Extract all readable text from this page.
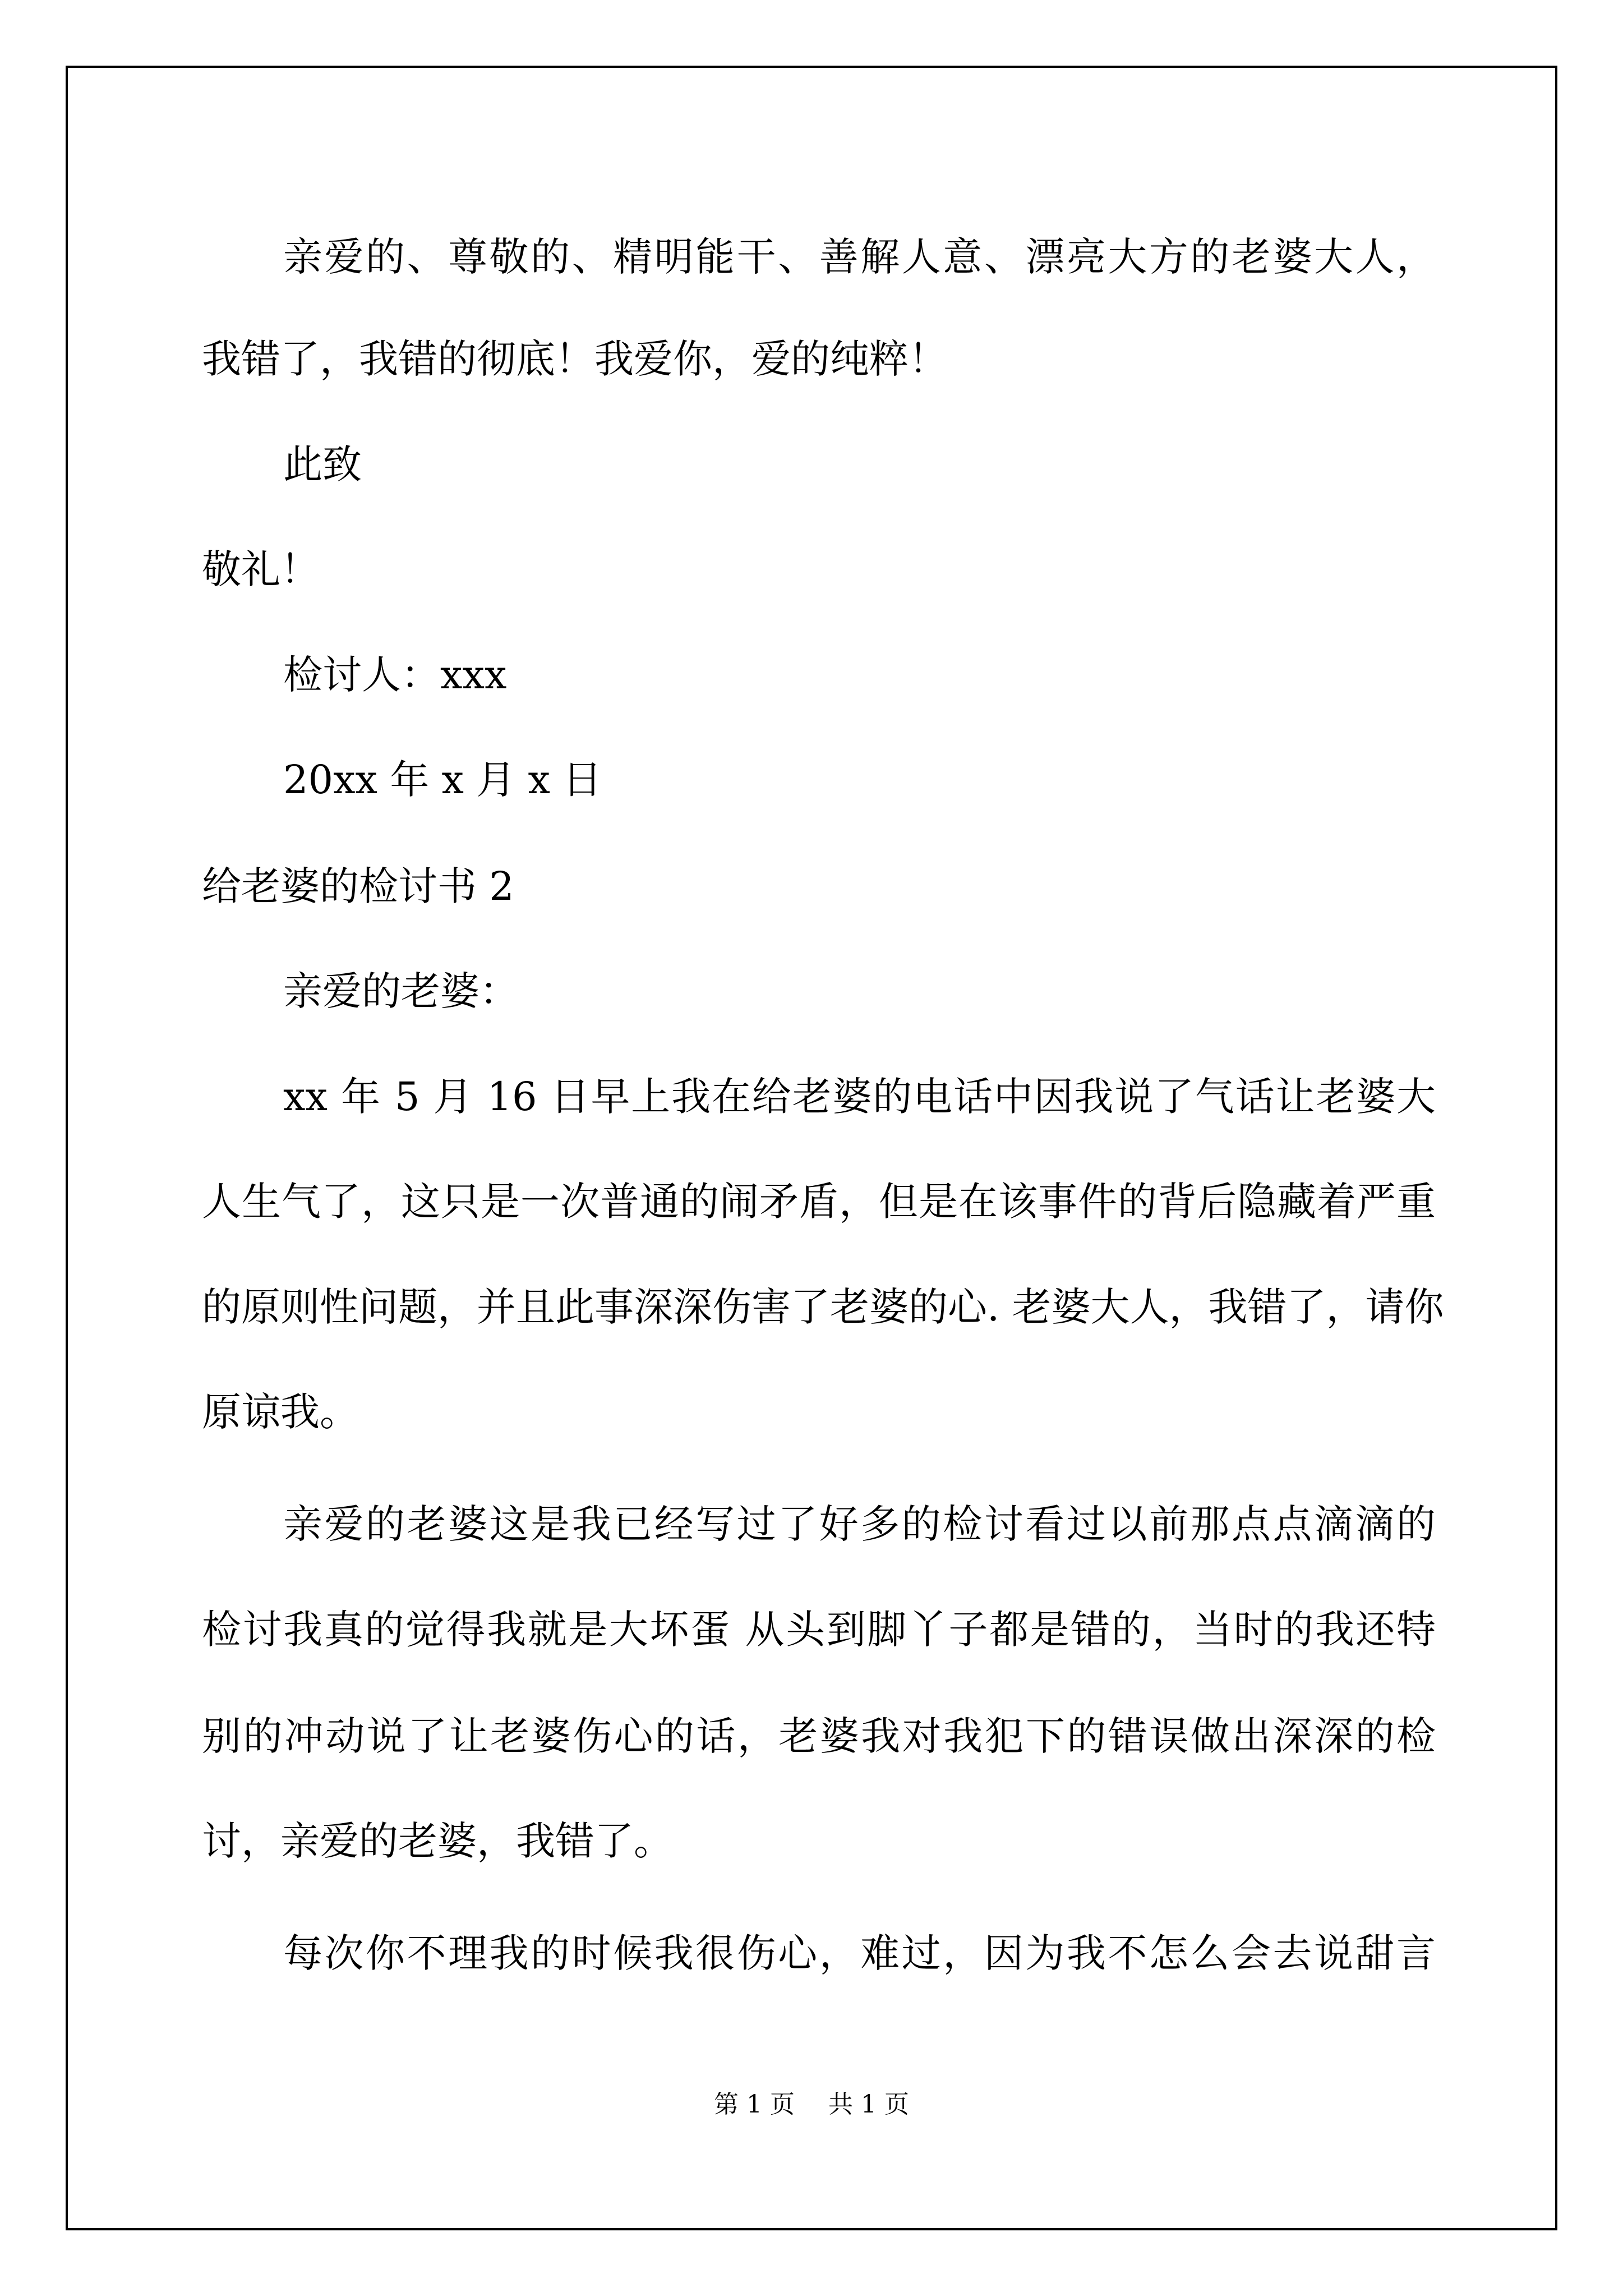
亲爱的、尊敬的、精明能干、善解人意、漂亮大方的老婆大人，
我错了，我错的彻底！我爱你，爱的纯粹！
此致
敬礼！
检讨人：xxx
20xx 年 x 月 x 日
给老婆的检讨书 2
亲爱的老婆：
xx 年 5 月 16 日早上我在给老婆的电话中因我说了气话让老婆大
人生气了，这只是一次普通的闹矛盾，但是在该事件的背后隐藏着严重
的原则性问题，并且此事深深伤害了老婆的心. 老婆大人，我错了，请你
原谅我。
亲爱的老婆这是我已经写过了好多的检讨看过以前那点点滴滴的
检讨我真的觉得我就是大坏蛋 从头到脚丫子都是错的，当时的我还特
别的冲动说了让老婆伤心的话，老婆我对我犯下的错误做出深深的检
讨，亲爱的老婆，我错了。
每次你不理我的时候我很伤心，难过，因为我不怎么会去说甜言
第 1 页 共 1 页
